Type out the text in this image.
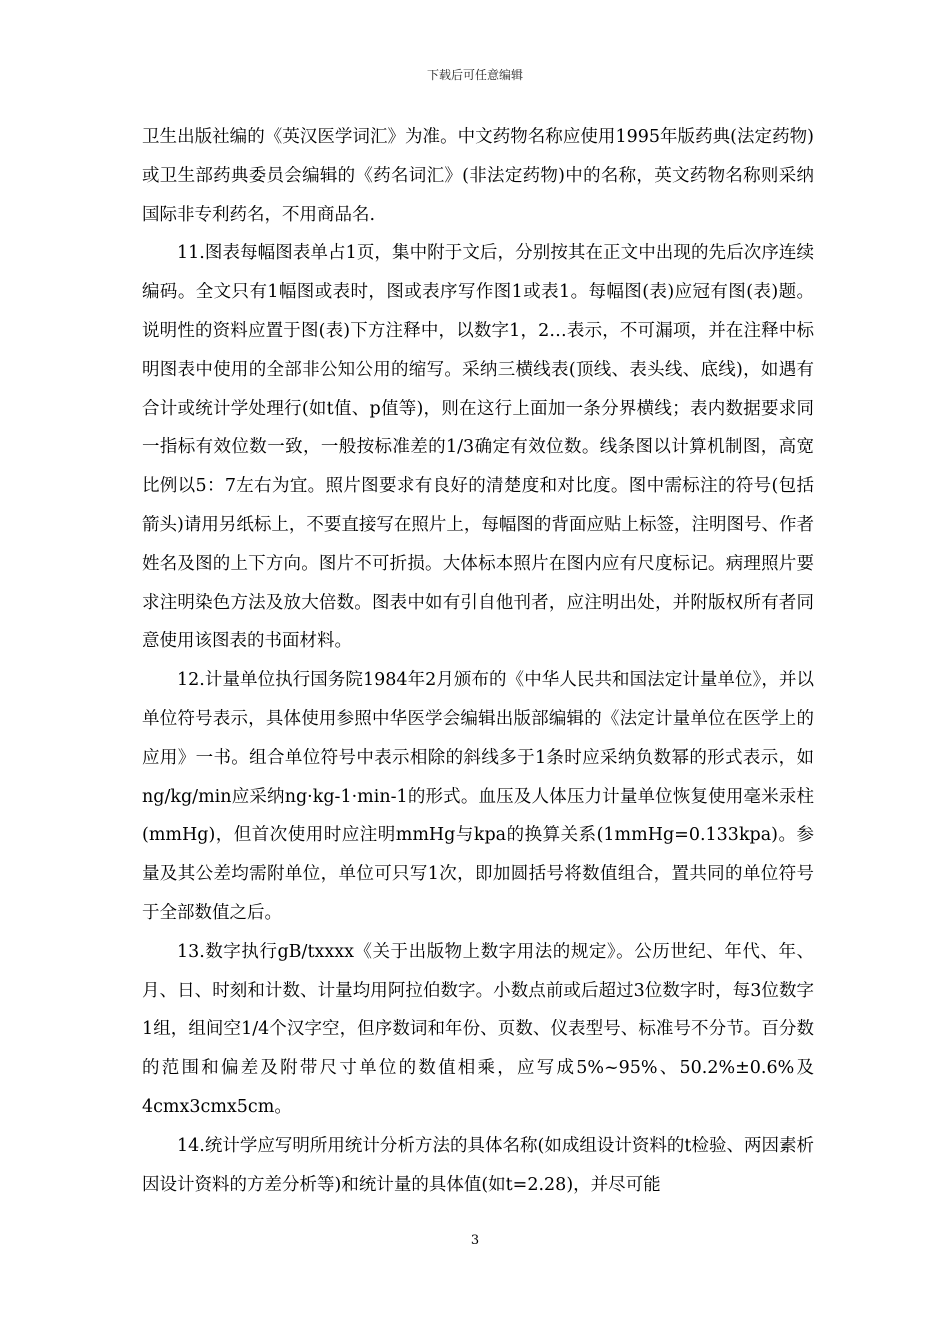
下载后可任意编辑

卫生出版社编的《英汉医学词汇》为准。中文药物名称应使用1995年版药典(法定药物)或卫生部药典委员会编辑的《药名词汇》(非法定药物)中的名称，英文药物名称则采纳国际非专利药名，不用商品名.

11.图表每幅图表单占1页，集中附于文后，分别按其在正文中出现的先后次序连续编码。全文只有1幅图或表时，图或表序写作图1或表1。每幅图(表)应冠有图(表)题。说明性的资料应置于图(表)下方注释中，以数字1，2…表示，不可漏项，并在注释中标明图表中使用的全部非公知公用的缩写。采纳三横线表(顶线、表头线、底线)，如遇有合计或统计学处理行(如t值、p值等)，则在这行上面加一条分界横线；表内数据要求同一指标有效位数一致，一般按标准差的1/3确定有效位数。线条图以计算机制图，高宽比例以5：7左右为宜。照片图要求有良好的清楚度和对比度。图中需标注的符号(包括箭头)请用另纸标上，不要直接写在照片上，每幅图的背面应贴上标签，注明图号、作者姓名及图的上下方向。图片不可折损。大体标本照片在图内应有尺度标记。病理照片要求注明染色方法及放大倍数。图表中如有引自他刊者，应注明出处，并附版权所有者同意使用该图表的书面材料。

12.计量单位执行国务院1984年2月颁布的《中华人民共和国法定计量单位》，并以单位符号表示，具体使用参照中华医学会编辑出版部编辑的《法定计量单位在医学上的应用》一书。组合单位符号中表示相除的斜线多于1条时应采纳负数幂的形式表示，如ng/kg/min应采纳ng·kg-1·min-1的形式。血压及人体压力计量单位恢复使用毫米汞柱(mmHg)，但首次使用时应注明mmHg与kpa的换算关系(1mmHg=0.133kpa)。参量及其公差均需附单位，单位可只写1次，即加圆括号将数值组合，置共同的单位符号于全部数值之后。

13.数字执行gB/txxxx《关于出版物上数字用法的规定》。公历世纪、年代、年、月、日、时刻和计数、计量均用阿拉伯数字。小数点前或后超过3位数字时，每3位数字1组，组间空1/4个汉字空，但序数词和年份、页数、仪表型号、标准号不分节。百分数的范围和偏差及附带尺寸单位的数值相乘，应写成5%~95%、50.2%±0.6%及4cmx3cmx5cm。

14.统计学应写明所用统计分析方法的具体名称(如成组设计资料的t检验、两因素析因设计资料的方差分析等)和统计量的具体值(如t=2.28)，并尽可能

3
